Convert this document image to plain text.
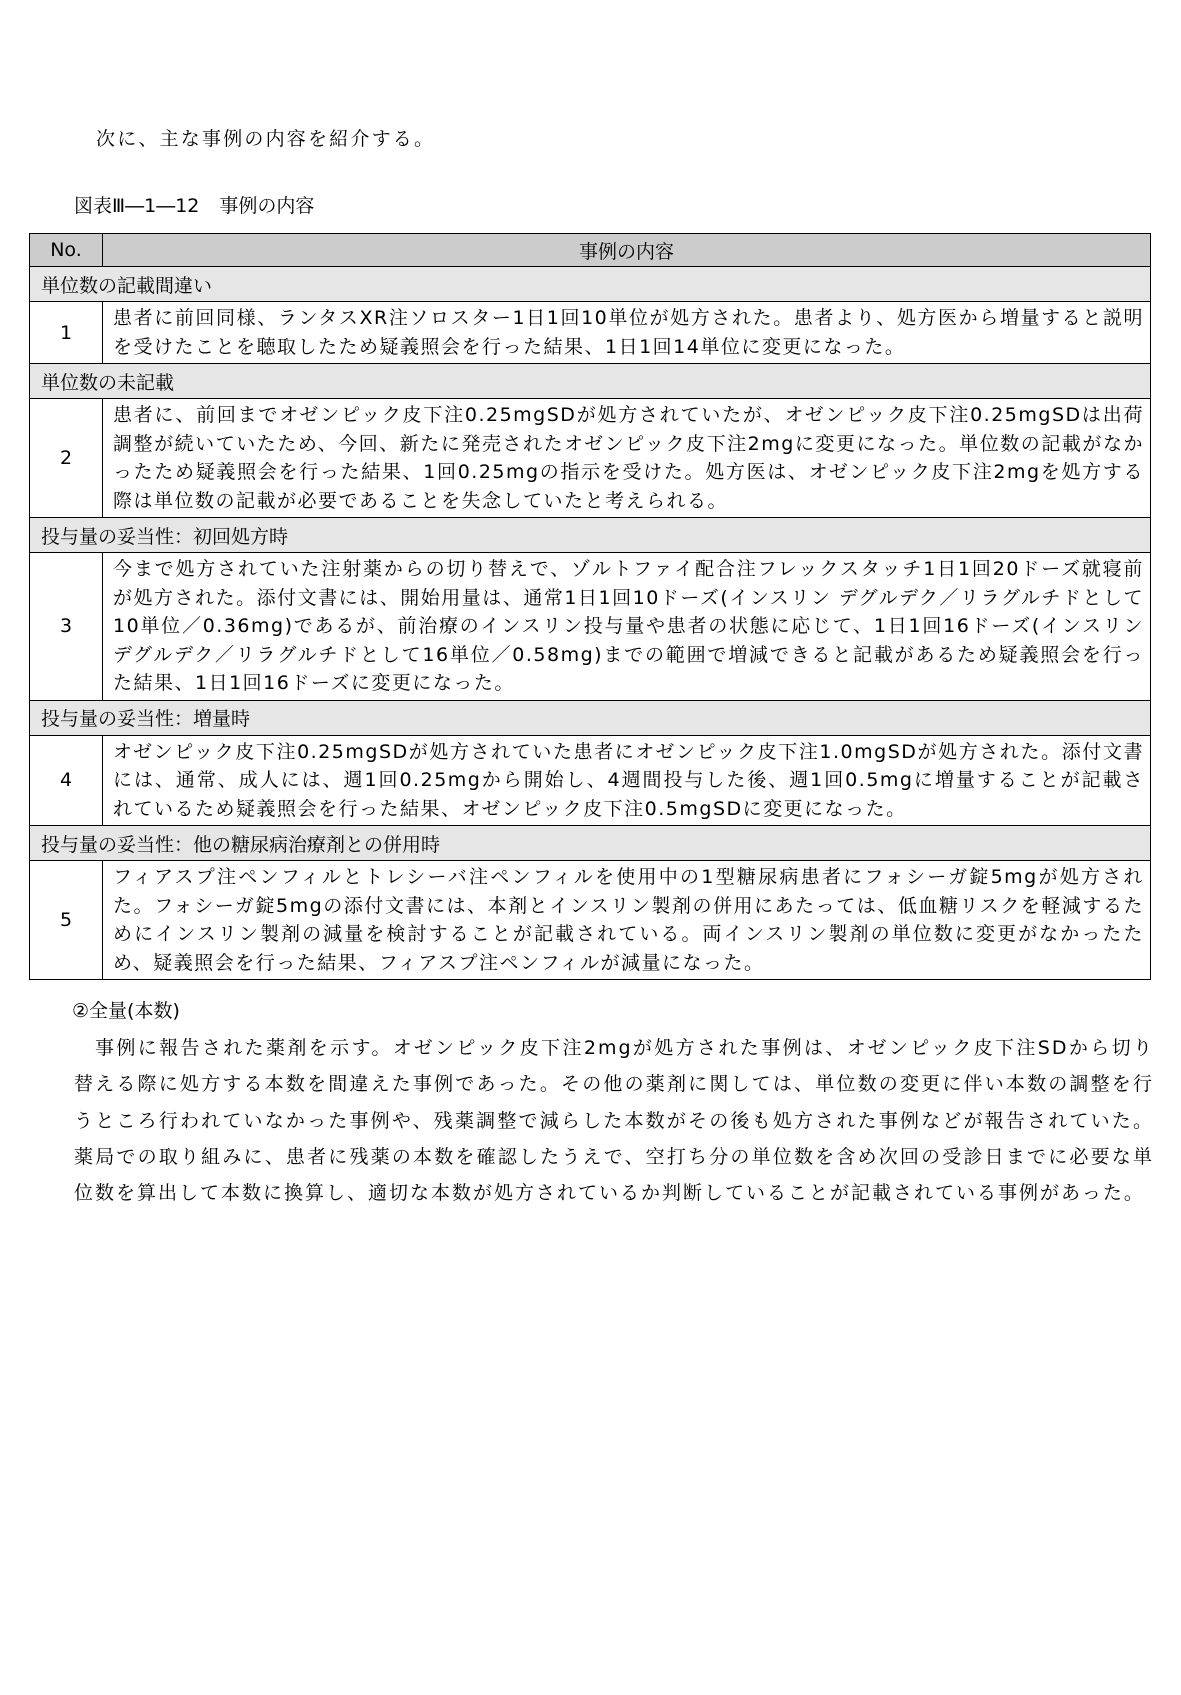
次に、主な事例の内容を紹介する。
図表Ⅲ―1―12 事例の内容
No.	事例の内容
単位数の記載間違い	
1	患者に前回同様、ランタスXR注ソロスター1日1回10単位が処方された。患者より、処方医から増量すると説明を受けたことを聴取したため疑義照会を行った結果、1日1回14単位に変更になった。
単位数の未記載	
2	患者に、前回までオゼンピック皮下注0.25mgSDが処方されていたが、オゼンピック皮下注0.25mgSDは出荷調整が続いていたため、今回、新たに発売されたオゼンピック皮下注2mgに変更になった。単位数の記載がなかったため疑義照会を行った結果、1回0.25mgの指示を受けた。処方医は、オゼンピック皮下注2mgを処方する際は単位数の記載が必要であることを失念していたと考えられる。
投与量の妥当性：初回処方時	
3	今まで処方されていた注射薬からの切り替えで、ゾルトファイ配合注フレックスタッチ1日1回20ドーズ就寝前が処方された。添付文書には、開始用量は、通常1日1回10ドーズ(インスリン デグルデク／リラグルチドとして10単位／0.36mg)であるが、前治療のインスリン投与量や患者の状態に応じて、1日1回16ドーズ(インスリン デグルデク／リラグルチドとして16単位／0.58mg)までの範囲で増減できると記載があるため疑義照会を行った結果、1日1回16ドーズに変更になった。
投与量の妥当性：増量時	
4	オゼンピック皮下注0.25mgSDが処方されていた患者にオゼンピック皮下注1.0mgSDが処方された。添付文書には、通常、成人には、週1回0.25mgから開始し、4週間投与した後、週1回0.5mgに増量することが記載されているため疑義照会を行った結果、オゼンピック皮下注0.5mgSDに変更になった。
投与量の妥当性：他の糖尿病治療剤との併用時	
5	フィアスプ注ペンフィルとトレシーバ注ペンフィルを使用中の1型糖尿病患者にフォシーガ錠5mgが処方された。フォシーガ錠5mgの添付文書には、本剤とインスリン製剤の併用にあたっては、低血糖リスクを軽減するためにインスリン製剤の減量を検討することが記載されている。両インスリン製剤の単位数に変更がなかったため、疑義照会を行った結果、フィアスプ注ペンフィルが減量になった。
②全量(本数)
事例に報告された薬剤を示す。オゼンピック皮下注2mgが処方された事例は、オゼンピック皮下注SDから切り替える際に処方する本数を間違えた事例であった。その他の薬剤に関しては、単位数の変更に伴い本数の調整を行うところ行われていなかった事例や、残薬調整で減らした本数がその後も処方された事例などが報告されていた。薬局での取り組みに、患者に残薬の本数を確認したうえで、空打ち分の単位数を含め次回の受診日までに必要な単位数を算出して本数に換算し、適切な本数が処方されているか判断していることが記載されている事例があった。
